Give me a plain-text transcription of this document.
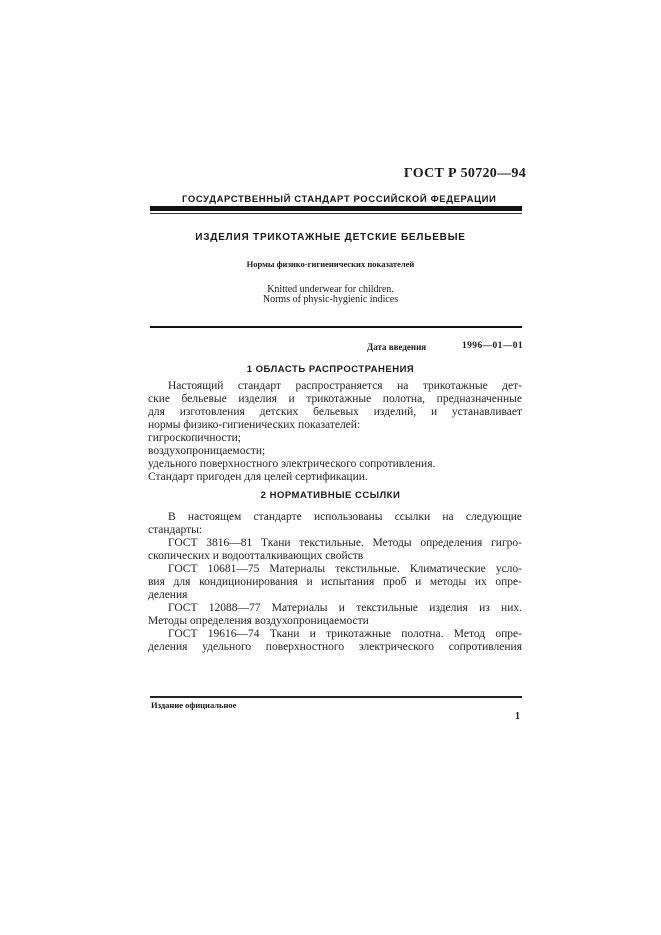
ГОСТ Р 50720—94
ГОСУДАРСТВЕННЫЙ СТАНДАРТ РОССИЙСКОЙ ФЕДЕРАЦИИ
ИЗДЕЛИЯ ТРИКОТАЖНЫЕ ДЕТСКИЕ БЕЛЬЕВЫЕ
Нормы физико-гигиенических показателей
Knitted underwear for children.
Norms of physic-hygienic indices
Дата введения	1996—01—01
1 ОБЛАСТЬ РАСПРОСТРАНЕНИЯ
Настоящий стандарт распространяется на трикотажные дет-
ские бельевые изделия и трикотажные полотна, предназначенные
для изготовления детских бельевых изделий, и устанавливает
нормы физико-гигиенических показателей:
гигроскопичности;
воздухопроницаемости;
удельного поверхностного электрического сопротивления.
Стандарт пригоден для целей сертификации.
2 НОРМАТИВНЫЕ ССЫЛКИ
В настоящем стандарте использованы ссылки на следующие
стандарты:
ГОСТ 3816—81 Ткани текстильные. Методы определения гигро-
скопических и водоотталкивающих свойств
ГОСТ 10681—75 Материалы текстильные. Климатические усло-
вия для кондиционирования и испытания проб и методы их опре-
деления
ГОСТ 12088—77 Материалы и текстильные изделия из них.
Методы определения воздухопроницаемости
ГОСТ 19616—74 Ткани и трикотажные полотна. Метод опре-
деления удельного поверхностного электрического сопротивления
Издание официальное
1
